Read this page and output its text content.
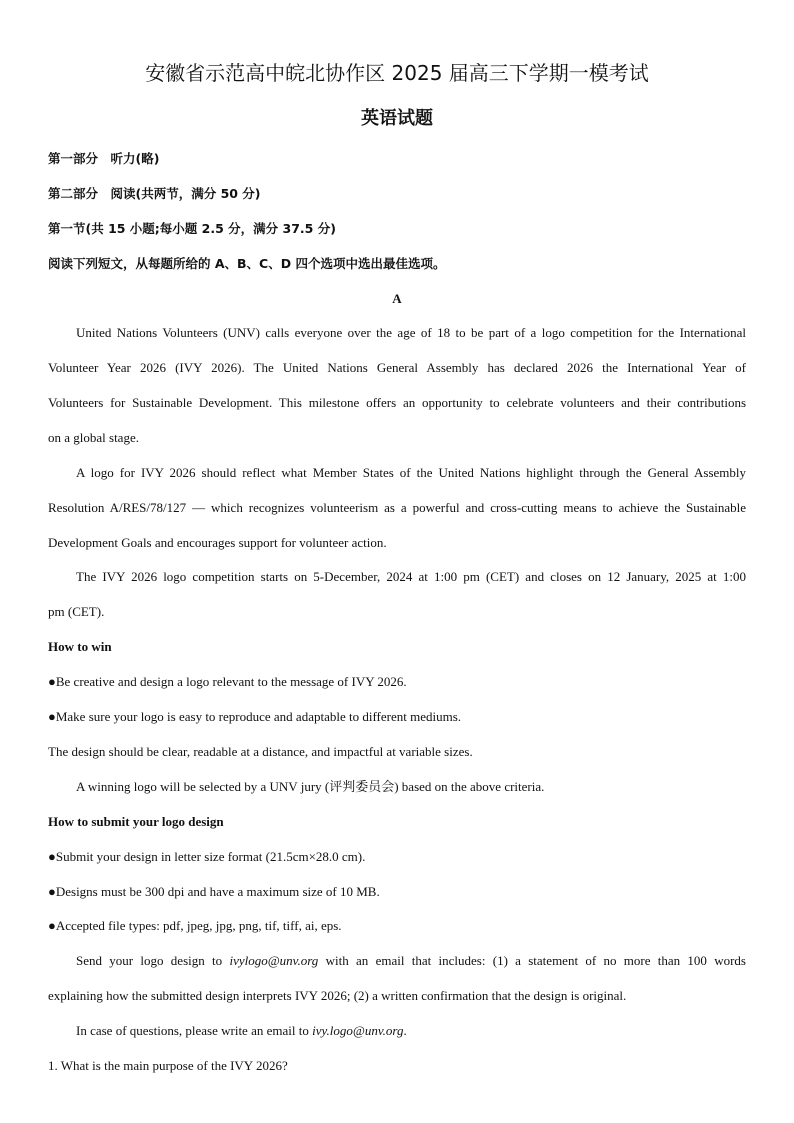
安徽省示范高中皖北协作区 2025 届高三下学期一模考试
英语试题
第一部分　听力(略)
第二部分　阅读(共两节，满分 50 分)
第一节(共 15 小题;每小题 2.5 分，满分 37.5 分)
阅读下列短文，从每题所给的 A、B、C、D 四个选项中选出最佳选项。
A
United Nations Volunteers (UNV) calls everyone over the age of 18 to be part of a logo competition for the International
Volunteer Year 2026 (IVY 2026). The United Nations General Assembly has declared 2026 the International Year of
Volunteers for Sustainable Development. This milestone offers an opportunity to celebrate volunteers and their contributions
on a global stage.
A logo for IVY 2026 should reflect what Member States of the United Nations highlight through the General Assembly
Resolution A/RES/78/127 — which recognizes volunteerism as a powerful and cross-cutting means to achieve the Sustainable
Development Goals and encourages support for volunteer action.
The IVY 2026 logo competition starts on 5-December, 2024 at 1:00 pm (CET) and closes on 12 January, 2025 at 1:00
pm (CET).
How to win
●Be creative and design a logo relevant to the message of IVY 2026.
●Make sure your logo is easy to reproduce and adaptable to different mediums.
The design should be clear, readable at a distance, and impactful at variable sizes.
A winning logo will be selected by a UNV jury (评判委员会) based on the above criteria.
How to submit your logo design
●Submit your design in letter size format (21.5cm×28.0 cm).
●Designs must be 300 dpi and have a maximum size of 10 MB.
●Accepted file types: pdf, jpeg, jpg, png, tif, tiff, ai, eps.
Send your logo design to ivylogo@unv.org with an email that includes: (1) a statement of no more than 100 words
explaining how the submitted design interprets IVY 2026; (2) a written confirmation that the design is original.
In case of questions, please write an email to ivy.logo@unv.org.
1. What is the main purpose of the IVY 2026?
